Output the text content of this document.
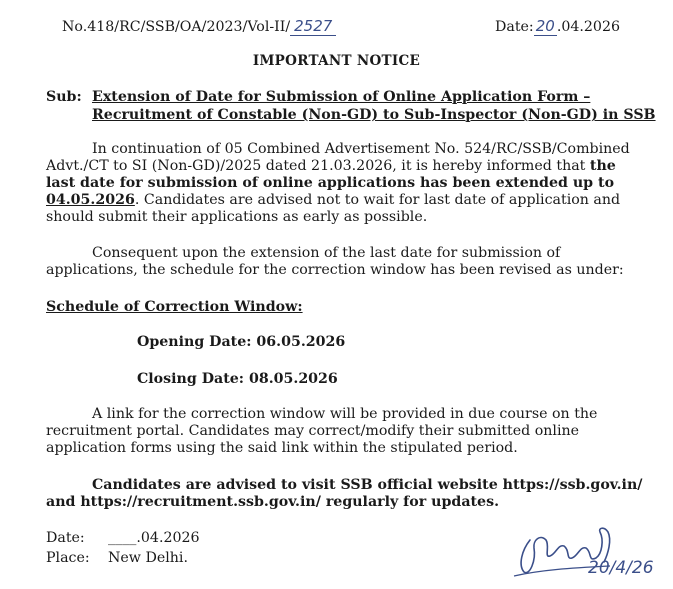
No.418/RC/SSB/OA/2023/Vol-II/ 2527	Date: 20 .04.2026
IMPORTANT NOTICE
Sub: Extension of Date for Submission of Online Application Form –
Recruitment of Constable (Non-GD) to Sub-Inspector (Non-GD) in SSB
In continuation of 05 Combined Advertisement No. 524/RC/SSB/Combined
Advt./CT to SI (Non-GD)/2025 dated 21.03.2026, it is hereby informed that the
last date for submission of online applications has been extended up to
04.05.2026. Candidates are advised not to wait for last date of application and
should submit their applications as early as possible.
Consequent upon the extension of the last date for submission of
applications, the schedule for the correction window has been revised as under:
Schedule of Correction Window:
Opening Date: 06.05.2026
Closing Date: 08.05.2026
A link for the correction window will be provided in due course on the
recruitment portal. Candidates may correct/modify their submitted online
application forms using the said link within the stipulated period.
Candidates are advised to visit SSB official website https://ssb.gov.in/
and https://recruitment.ssb.gov.in/ regularly for updates.
Date: ____.04.2026
Place: New Delhi.	20/4/26
